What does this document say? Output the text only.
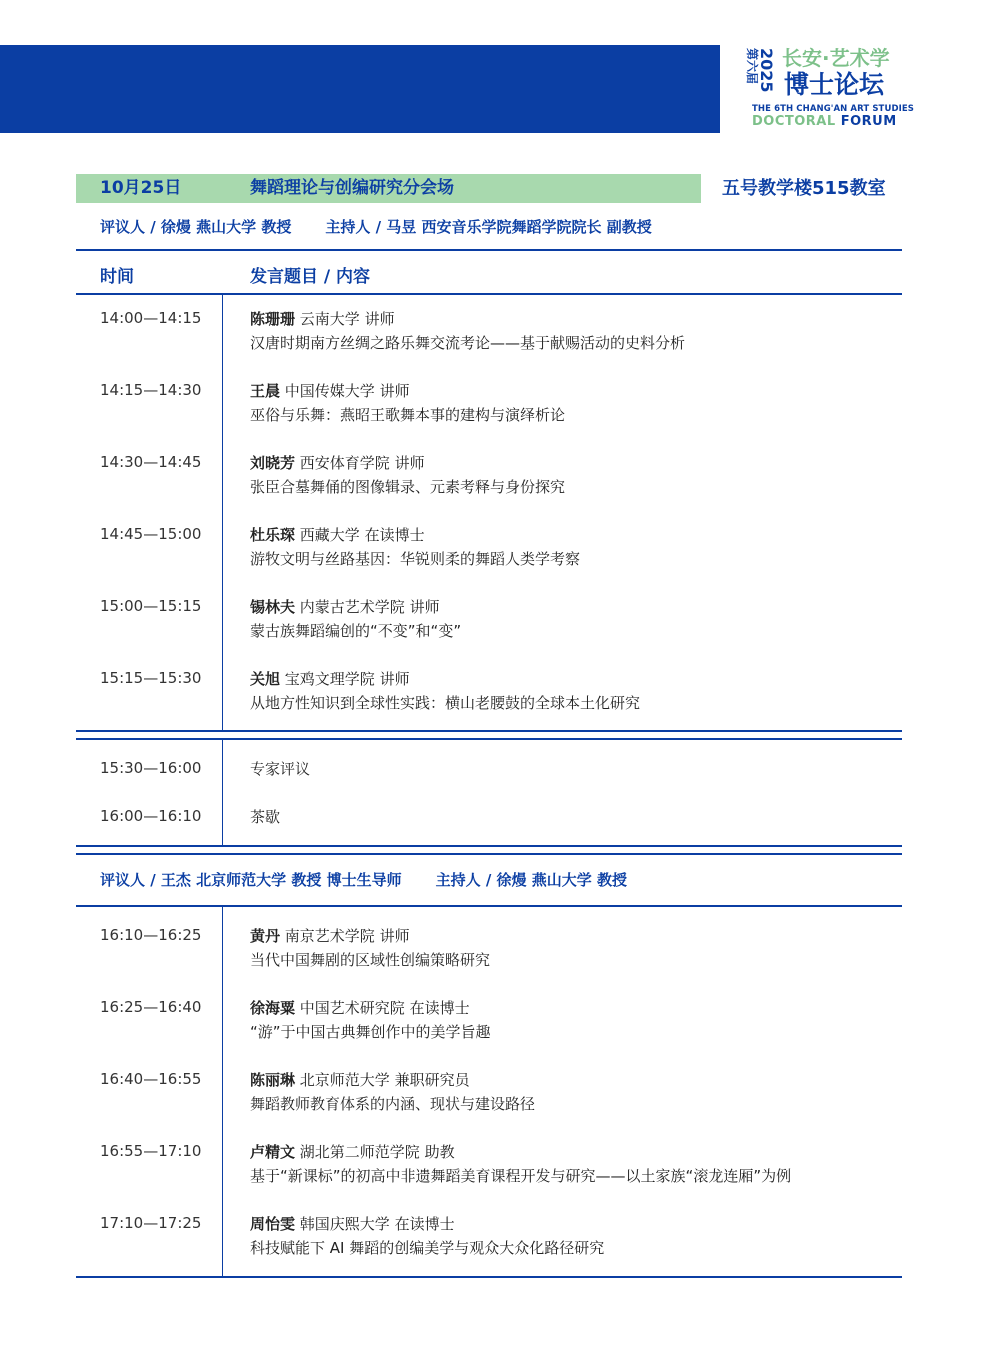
2025
第六届 长安·艺术学
博士论坛
THE 6TH CHANG'AN ART STUDIES
DOCTORAL FORUM
10月25日	舞蹈理论与创编研究分会场	五号教学楼515教室
评议人 / 徐熳 燕山大学 教授 主持人 / 马昱 西安音乐学院舞蹈学院院长 副教授
时间	发言题目 / 内容
14:00—14:15	陈珊珊 云南大学 讲师
汉唐时期南方丝绸之路乐舞交流考论——基于献赐活动的史料分析
14:15—14:30	王晨 中国传媒大学 讲师
巫俗与乐舞：燕昭王歌舞本事的建构与演绎析论
14:30—14:45	刘晓芳 西安体育学院 讲师
张臣合墓舞俑的图像辑录、元素考释与身份探究
14:45—15:00	杜乐琛 西藏大学 在读博士
游牧文明与丝路基因：华锐则柔的舞蹈人类学考察
15:00—15:15	锡林夫 内蒙古艺术学院 讲师
蒙古族舞蹈编创的“不变”和“变”
15:15—15:30	关旭 宝鸡文理学院 讲师
从地方性知识到全球性实践：横山老腰鼓的全球本土化研究
15:30—16:00	专家评议
16:00—16:10	茶歇
评议人 / 王杰 北京师范大学 教授 博士生导师 主持人 / 徐熳 燕山大学 教授
16:10—16:25	黄丹 南京艺术学院 讲师
当代中国舞剧的区域性创编策略研究
16:25—16:40	徐海粟 中国艺术研究院 在读博士
“游”于中国古典舞创作中的美学旨趣
16:40—16:55	陈丽琳 北京师范大学 兼职研究员
舞蹈教师教育体系的内涵、现状与建设路径
16:55—17:10	卢精文 湖北第二师范学院 助教
基于“新课标”的初高中非遗舞蹈美育课程开发与研究——以土家族“滚龙连厢”为例
17:10—17:25	周怡雯 韩国庆熙大学 在读博士
科技赋能下 AI 舞蹈的创编美学与观众大众化路径研究
